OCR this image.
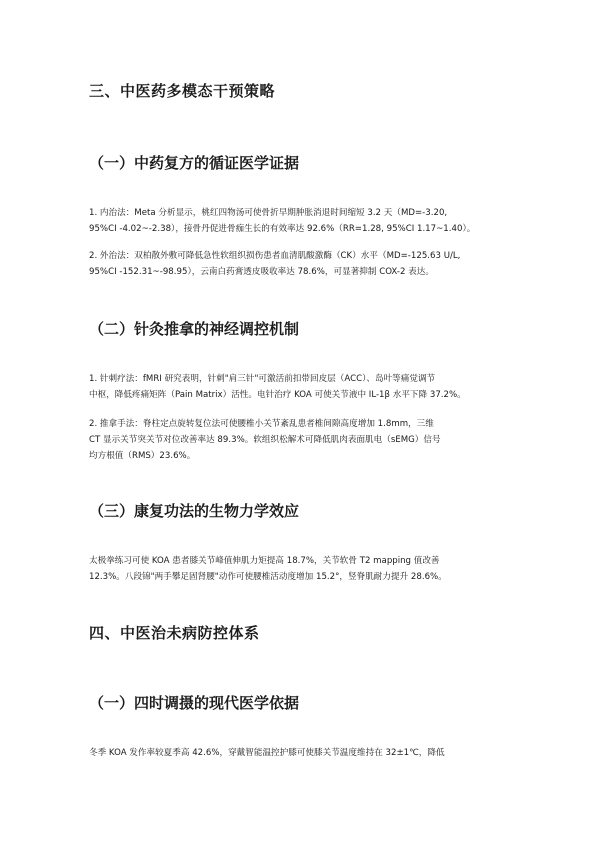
三、中医药多模态干预策略
（一）中药复方的循证医学证据

1. 内治法：Meta 分析显示，桃红四物汤可使骨折早期肿胀消退时间缩短 3.2 天（MD=-3.20,

95%CI -4.02~-2.38），接骨丹促进骨痂生长的有效率达 92.6%（RR=1.28, 95%CI 1.17~1.40）。

2. 外治法：双柏散外敷可降低急性软组织损伤患者血清肌酸激酶（CK）水平（MD=-125.63 U/L,

95%CI -152.31~-98.95），云南白药膏透皮吸收率达 78.6%，可显著抑制 COX-2 表达。

（二）针灸推拿的神经调控机制

1. 针刺疗法：fMRI 研究表明，针刺"肩三针"可激活前扣带回皮层（ACC）、岛叶等痛觉调节

中枢，降低疼痛矩阵（Pain Matrix）活性。电针治疗 KOA 可使关节液中 IL-1β 水平下降 37.2%。

2. 推拿手法：脊柱定点旋转复位法可使腰椎小关节紊乱患者椎间隙高度增加 1.8mm，三维

CT 显示关节突关节对位改善率达 89.3%。软组织松解术可降低肌肉表面肌电（sEMG）信号

均方根值（RMS）23.6%。

（三）康复功法的生物力学效应

太极拳练习可使 KOA 患者膝关节峰值伸肌力矩提高 18.7%，关节软骨 T2 mapping 值改善

12.3%。八段锦"两手攀足固肾腰"动作可使腰椎活动度增加 15.2°，竖脊肌耐力提升 28.6%。

四、中医治未病防控体系
（一）四时调摄的现代医学依据

冬季 KOA 发作率较夏季高 42.6%，穿戴智能温控护膝可使膝关节温度维持在 32±1℃，降低
